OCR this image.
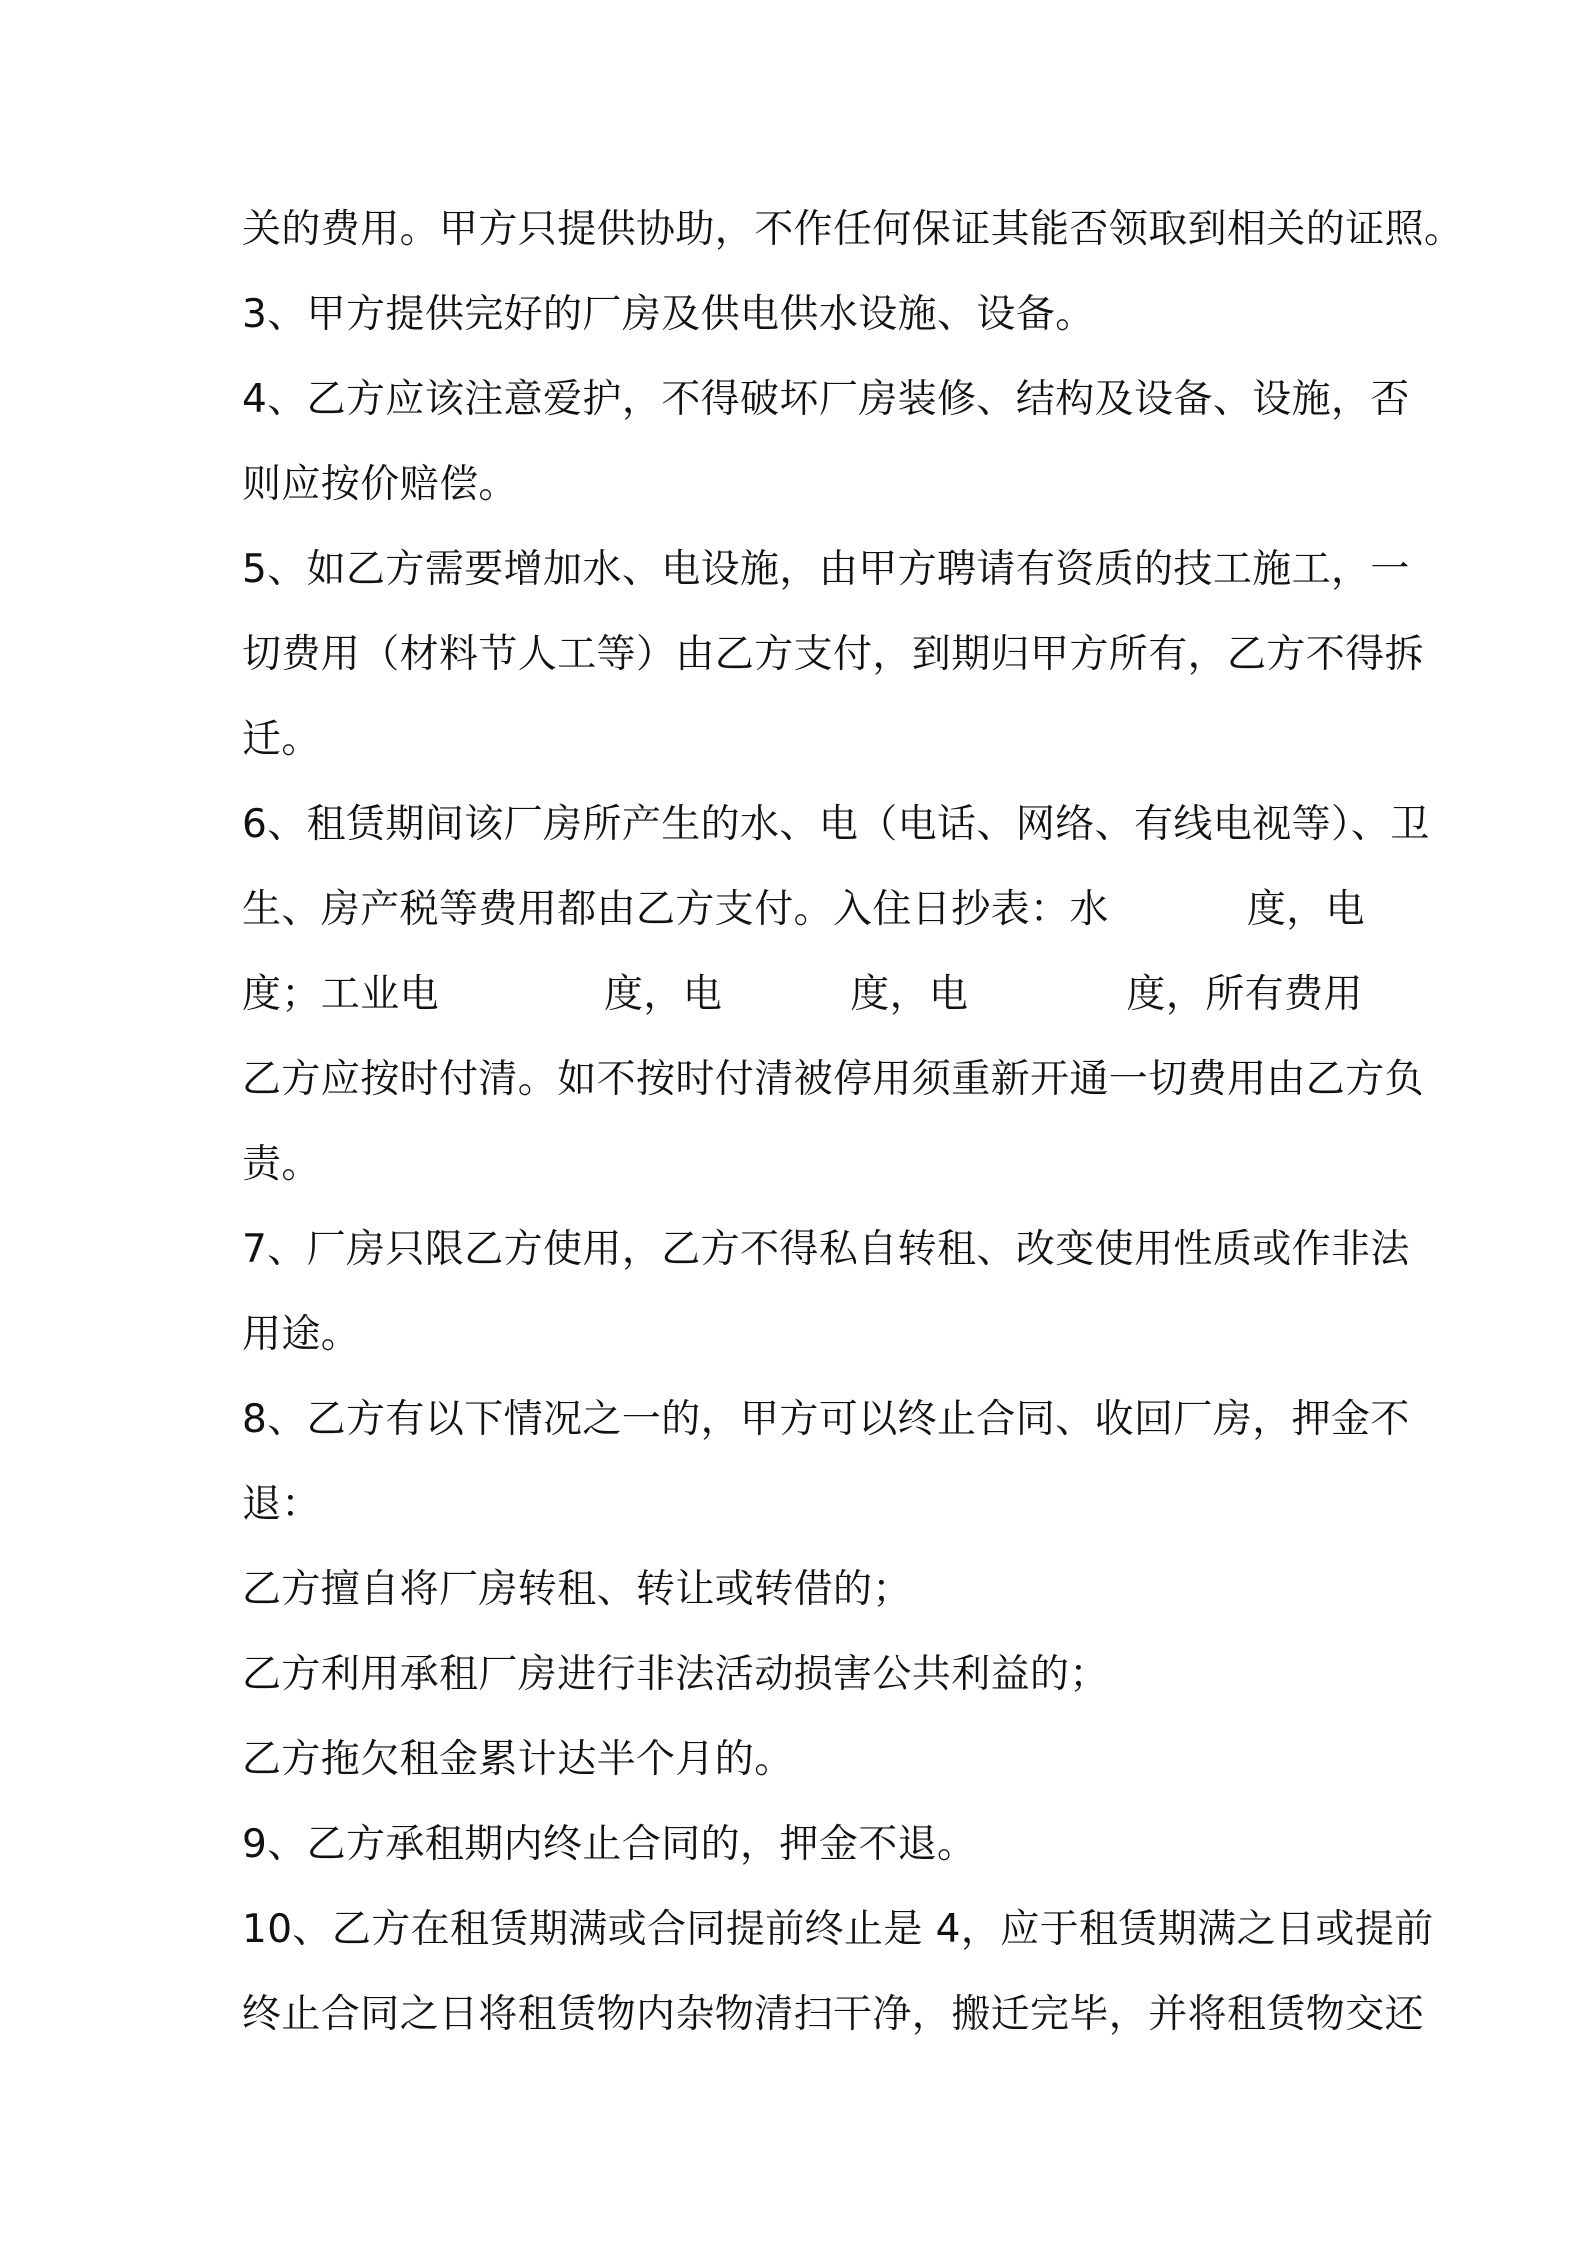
关的费用。甲方只提供协助，不作任何保证其能否领取到相关的证照。
3、甲方提供完好的厂房及供电供水设施、设备。
4、乙方应该注意爱护，不得破坏厂房装修、结构及设备、设施，否
则应按价赔偿。
5、如乙方需要增加水、电设施，由甲方聘请有资质的技工施工，一
切费用（材料节人工等）由乙方支付，到期归甲方所有，乙方不得拆
迁。
6、租赁期间该厂房所产生的水、电（电话、网络、有线电视等）、卫
生、房产税等费用都由乙方支付。入住日抄表：水	度，电
度；工业电	度，电	度，电	度，所有费用
乙方应按时付清。如不按时付清被停用须重新开通一切费用由乙方负
责。
7、厂房只限乙方使用，乙方不得私自转租、改变使用性质或作非法
用途。
8、乙方有以下情况之一的，甲方可以终止合同、收回厂房，押金不
退：
乙方擅自将厂房转租、转让或转借的；
乙方利用承租厂房进行非法活动损害公共利益的；
乙方拖欠租金累计达半个月的。
9、乙方承租期内终止合同的，押金不退。
10、乙方在租赁期满或合同提前终止是 4，应于租赁期满之日或提前
终止合同之日将租赁物内杂物清扫干净，搬迁完毕，并将租赁物交还
